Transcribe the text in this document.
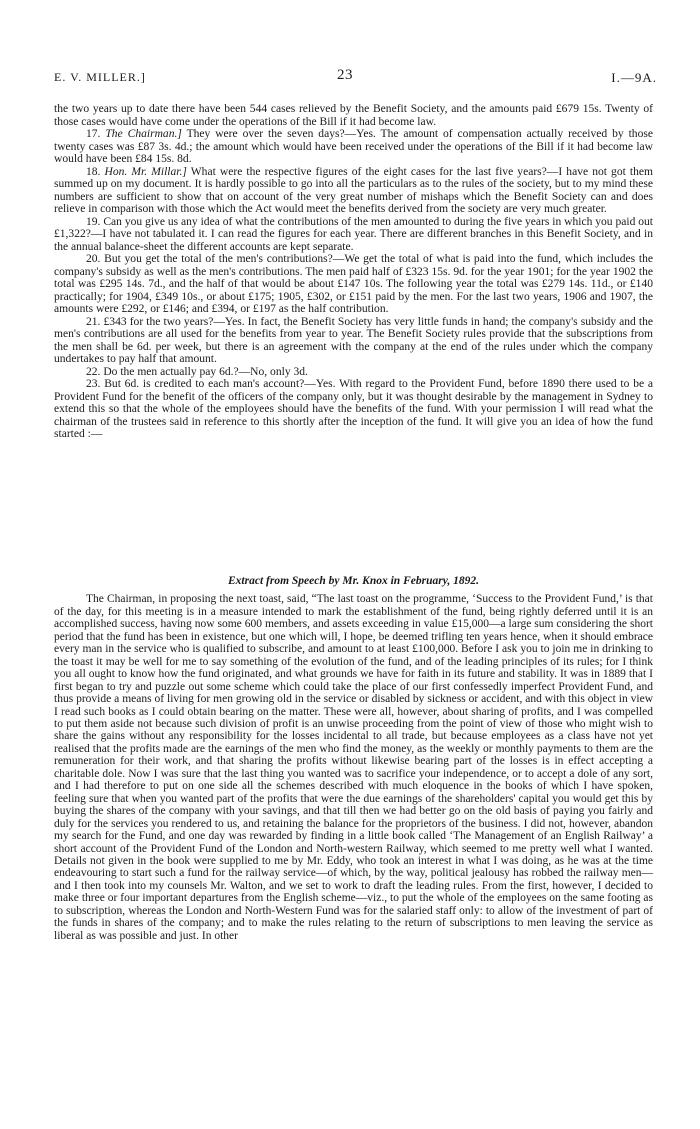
E. V. MILLER.]	23	I.—9A.

the two years up to date there have been 544 cases relieved by the Benefit Society, and the amounts paid £679 15s. Twenty of those cases would have come under the operations of the Bill if it had become law.

17. The Chairman.] They were over the seven days?—Yes. The amount of compensation actually received by those twenty cases was £87 3s. 4d.; the amount which would have been received under the operations of the Bill if it had become law would have been £84 15s. 8d.

18. Hon. Mr. Millar.] What were the respective figures of the eight cases for the last five years?—I have not got them summed up on my document. It is hardly possible to go into all the particulars as to the rules of the society, but to my mind these numbers are sufficient to show that on account of the very great number of mishaps which the Benefit Society can and does relieve in comparison with those which the Act would meet the benefits derived from the society are very much greater.

19. Can you give us any idea of what the contributions of the men amounted to during the five years in which you paid out £1,322?—I have not tabulated it. I can read the figures for each year. There are different branches in this Benefit Society, and in the annual balance-sheet the different accounts are kept separate.

20. But you get the total of the men's contributions?—We get the total of what is paid into the fund, which includes the company's subsidy as well as the men's contributions. The men paid half of £323 15s. 9d. for the year 1901; for the year 1902 the total was £295 14s. 7d., and the half of that would be about £147 10s. The following year the total was £279 14s. 11d., or £140 practically; for 1904, £349 10s., or about £175; 1905, £302, or £151 paid by the men. For the last two years, 1906 and 1907, the amounts were £292, or £146; and £394, or £197 as the half contribution.

21. £343 for the two years?—Yes. In fact, the Benefit Society has very little funds in hand; the company's subsidy and the men's contributions are all used for the benefits from year to year. The Benefit Society rules provide that the subscriptions from the men shall be 6d. per week, but there is an agreement with the company at the end of the rules under which the company undertakes to pay half that amount.

22. Do the men actually pay 6d.?—No, only 3d.

23. But 6d. is credited to each man's account?—Yes. With regard to the Provident Fund, before 1890 there used to be a Provident Fund for the benefit of the officers of the company only, but it was thought desirable by the management in Sydney to extend this so that the whole of the employees should have the benefits of the fund. With your permission I will read what the chairman of the trustees said in reference to this shortly after the inception of the fund. It will give you an idea of how the fund started :—

Extract from Speech by Mr. Knox in February, 1892.

The Chairman, in proposing the next toast, said, “The last toast on the programme, ‘Success to the Provident Fund,’ is that of the day, for this meeting is in a measure intended to mark the establishment of the fund, being rightly deferred until it is an accomplished success, having now some 600 members, and assets exceeding in value £15,000—a large sum considering the short period that the fund has been in existence, but one which will, I hope, be deemed trifling ten years hence, when it should embrace every man in the service who is qualified to subscribe, and amount to at least £100,000. Before I ask you to join me in drinking to the toast it may be well for me to say something of the evolution of the fund, and of the leading principles of its rules; for I think you all ought to know how the fund originated, and what grounds we have for faith in its future and stability. It was in 1889 that I first began to try and puzzle out some scheme which could take the place of our first confessedly imperfect Provident Fund, and thus provide a means of living for men growing old in the service or disabled by sickness or accident, and with this object in view I read such books as I could obtain bearing on the matter. These were all, however, about sharing of profits, and I was compelled to put them aside not because such division of profit is an unwise proceeding from the point of view of those who might wish to share the gains without any responsibility for the losses incidental to all trade, but because employees as a class have not yet realised that the profits made are the earnings of the men who find the money, as the weekly or monthly payments to them are the remuneration for their work, and that sharing the profits without likewise bearing part of the losses is in effect accepting a charitable dole. Now I was sure that the last thing you wanted was to sacrifice your independence, or to accept a dole of any sort, and I had therefore to put on one side all the schemes described with much eloquence in the books of which I have spoken, feeling sure that when you wanted part of the profits that were the due earnings of the shareholders' capital you would get this by buying the shares of the company with your savings, and that till then we had better go on the old basis of paying you fairly and duly for the services you rendered to us, and retaining the balance for the proprietors of the business. I did not, however, abandon my search for the Fund, and one day was rewarded by finding in a little book called ‘The Management of an English Railway’ a short account of the Provident Fund of the London and North-western Railway, which seemed to me pretty well what I wanted. Details not given in the book were supplied to me by Mr. Eddy, who took an interest in what I was doing, as he was at the time endeavouring to start such a fund for the railway service—of which, by the way, political jealousy has robbed the railway men—and I then took into my counsels Mr. Walton, and we set to work to draft the leading rules. From the first, however, I decided to make three or four important departures from the English scheme—viz., to put the whole of the employees on the same footing as to subscription, whereas the London and North-Western Fund was for the salaried staff only: to allow of the investment of part of the funds in shares of the company; and to make the rules relating to the return of subscriptions to men leaving the service as liberal as was possible and just. In other
